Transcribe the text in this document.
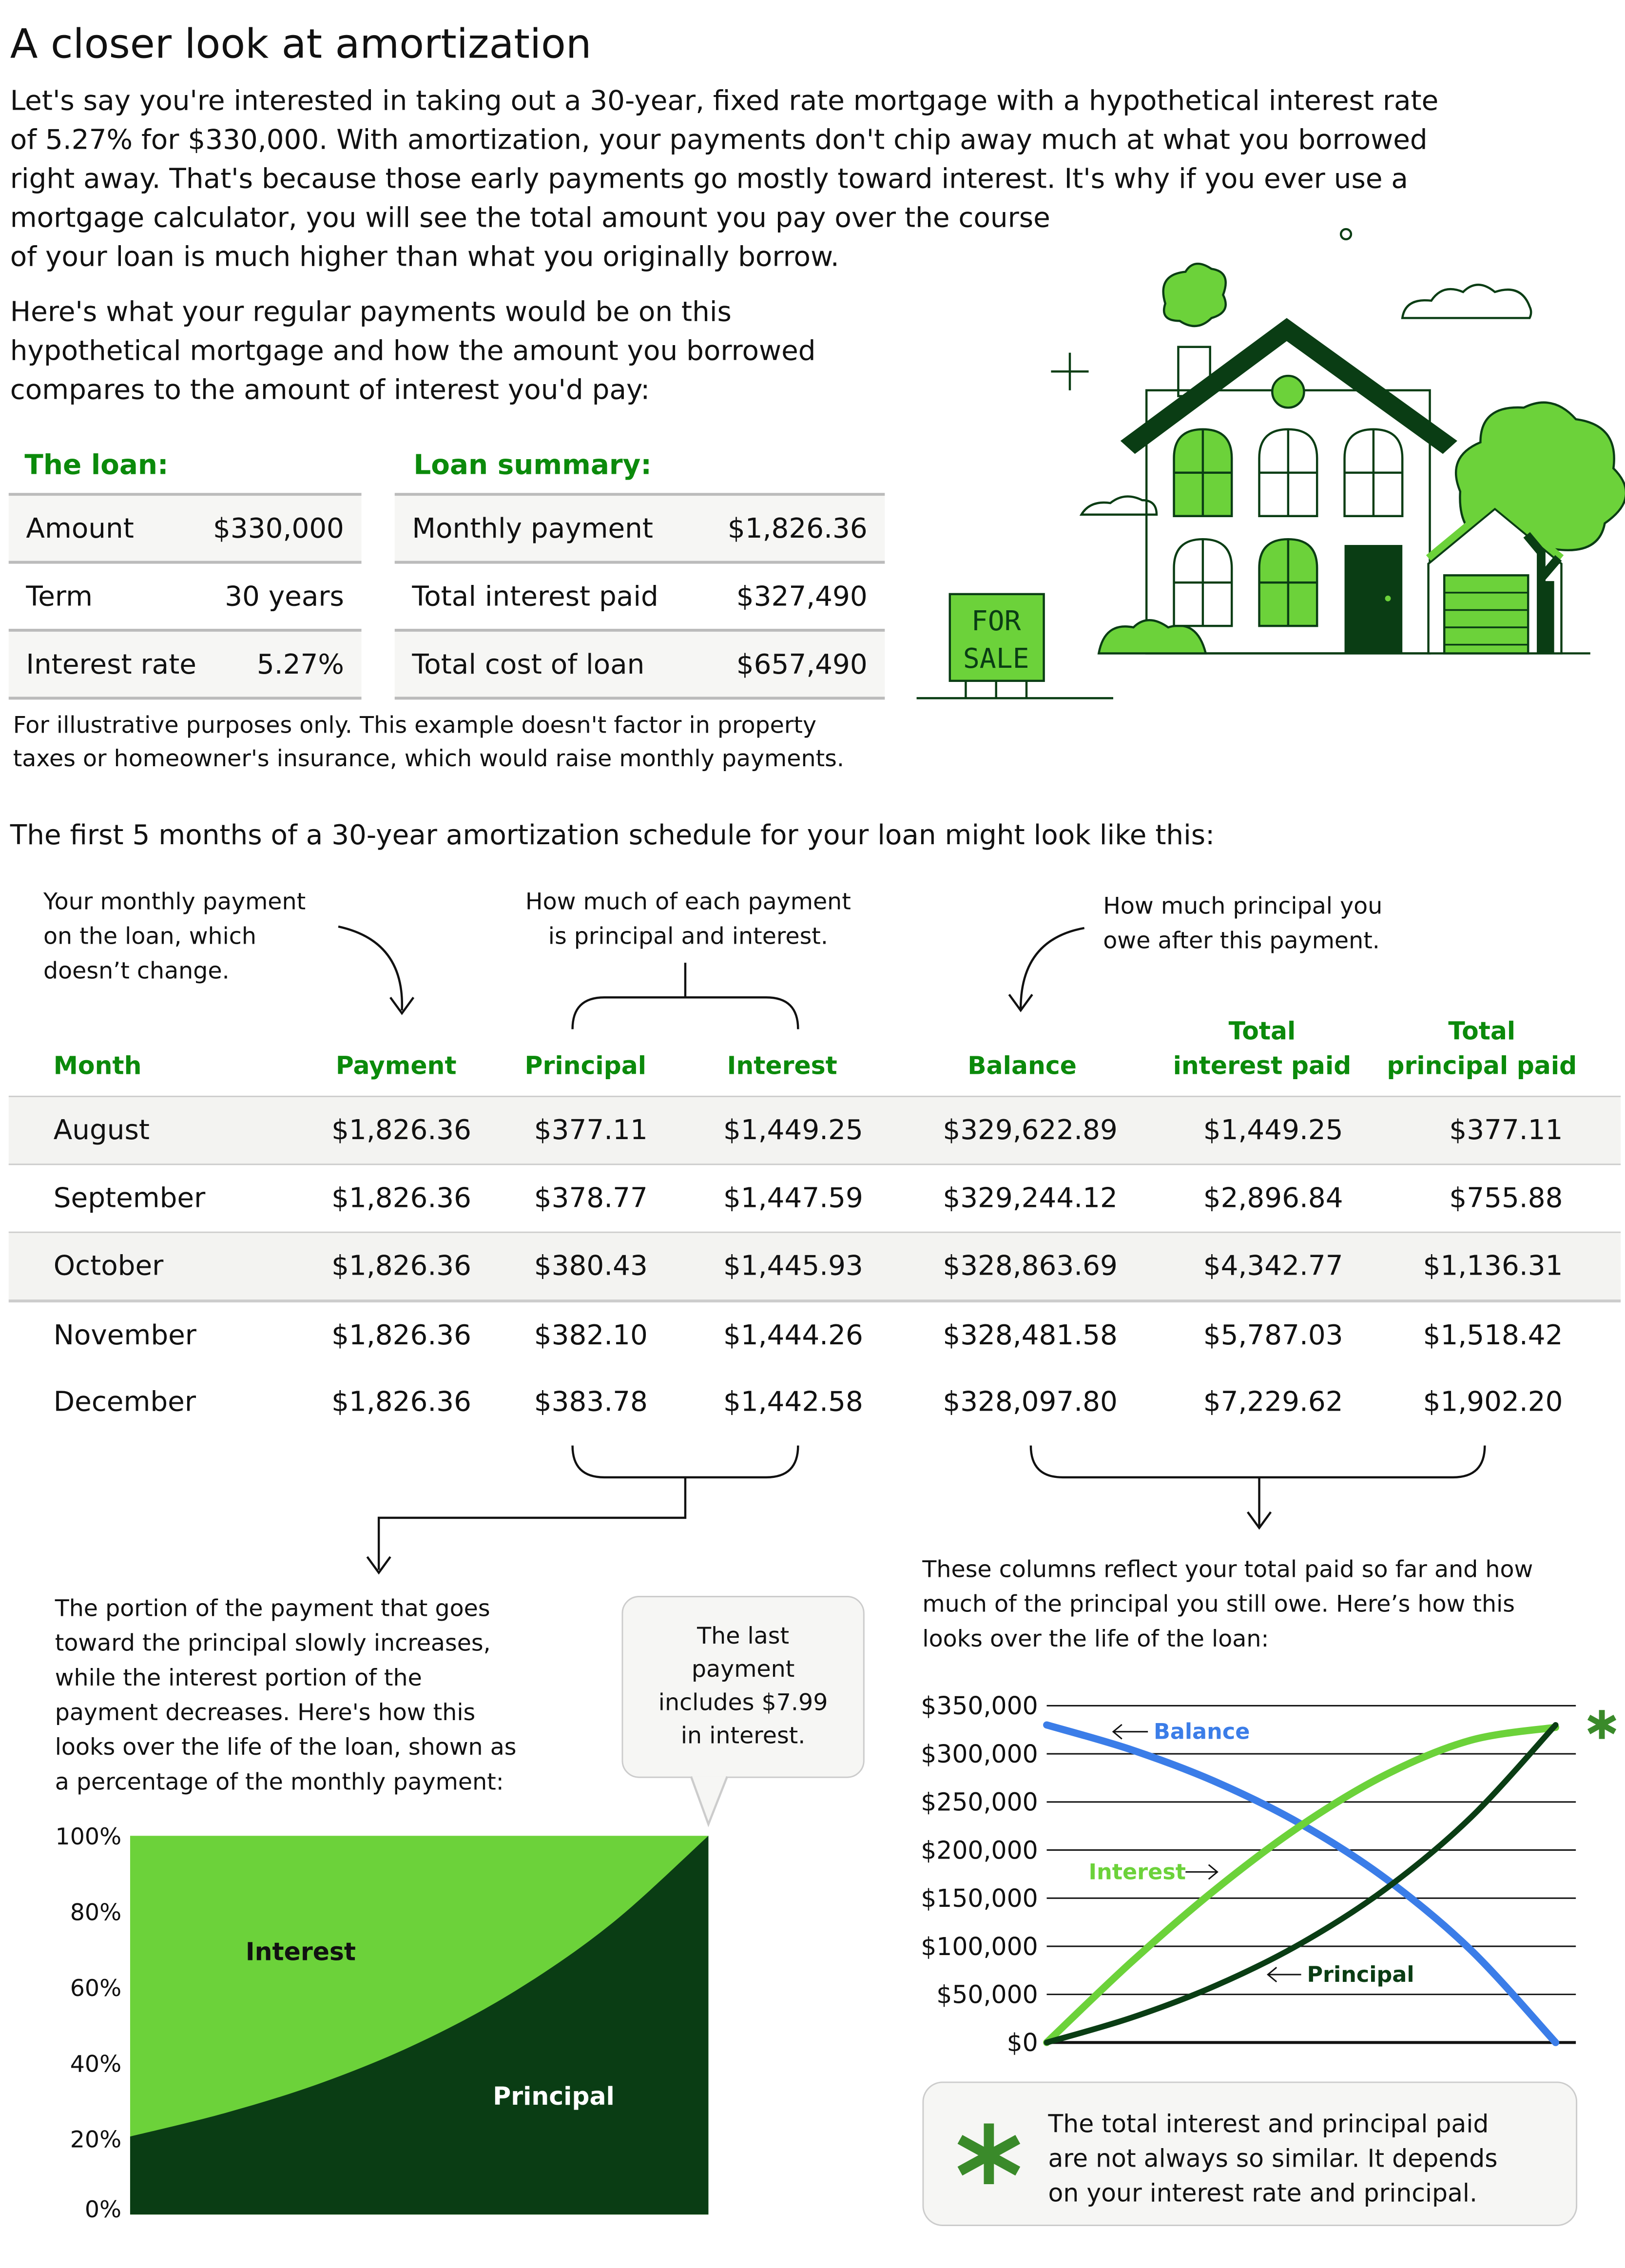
A closer look at amortization
Let's say you're interested in taking out a 30-year, fixed rate mortgage with a hypothetical interest rate
of 5.27% for $330,000. With amortization, your payments don't chip away much at what you borrowed
right away. That's because those early payments go mostly toward interest. It's why if you ever use a
mortgage calculator, you will see the total amount you pay over the course
of your loan is much higher than what you originally borrow.
Here's what your regular payments would be on this
hypothetical mortgage and how the amount you borrowed
compares to the amount of interest you'd pay:
The loan:
Amount	$330,000
Term	30 years
Interest rate	5.27%
Loan summary:
Monthly payment	$1,826.36
Total interest paid	$327,490
Total cost of loan	$657,490
For illustrative purposes only. This example doesn't factor in property
taxes or homeowner's insurance, which would raise monthly payments.
FOR
SALE
The first 5 months of a 30-year amortization schedule for your loan might look like this:
Your monthly payment
on the loan, which
doesn’t change.
How much of each payment
is principal and interest.
How much principal you
owe after this payment.
Month	Payment	Principal	Interest	Balance
Total
interest paid
Total
principal paid
August	$1,826.36	$377.11	$1,449.25	$329,622.89	$1,449.25	$377.11
September	$1,826.36	$378.77	$1,447.59	$329,244.12	$2,896.84	$755.88
October	$1,826.36	$380.43	$1,445.93	$328,863.69	$4,342.77	$1,136.31
November	$1,826.36	$382.10	$1,444.26	$328,481.58	$5,787.03	$1,518.42
December	$1,826.36	$383.78	$1,442.58	$328,097.80	$7,229.62	$1,902.20
The portion of the payment that goes
toward the principal slowly increases,
while the interest portion of the
payment decreases. Here's how this
looks over the life of the loan, shown as
a percentage of the monthly payment:
The last
payment
includes $7.99
in interest.
0%
20%
40%
60%
80%
100%
Interest
Principal
These columns reflect your total paid so far and how
much of the principal you still owe. Here’s how this
looks over the life of the loan:
$0
$50,000
$100,000
$150,000
$200,000
$250,000
$300,000
$350,000
Balance
Interest
Principal
The total interest and principal paid
are not always so similar. It depends
on your interest rate and principal.
